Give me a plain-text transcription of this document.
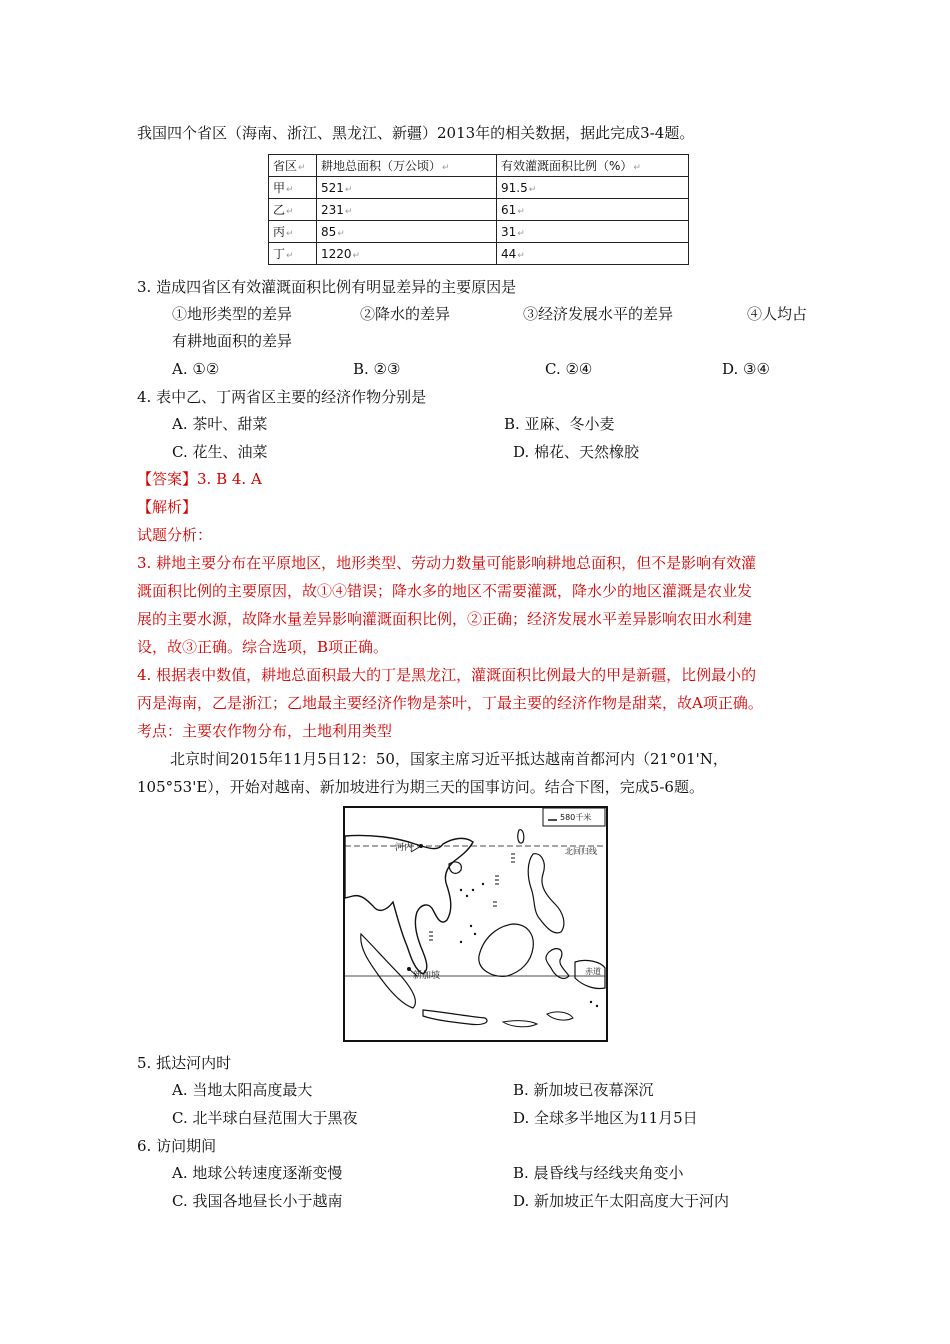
我国四个省区（海南、浙江、黑龙江、新疆）2013年的相关数据，据此完成3-4题。
省区↵	耕地总面积（万公顷）↵	有效灌溉面积比例（%）↵
甲↵	521↵	91.5↵
乙↵	231↵	61↵
丙↵	85↵	31↵
丁↵	1220↵	44↵
3. 造成四省区有效灌溉面积比例有明显差异的主要原因是
①地形类型的差异	②降水的差异	③经济发展水平的差异	④人均占
有耕地面积的差异
A. ①②	B. ②③	C. ②④	D. ③④
4. 表中乙、丁两省区主要的经济作物分别是
A. 茶叶、甜菜	B. 亚麻、冬小麦
C. 花生、油菜	D. 棉花、天然橡胶
【答案】3. B 4. A
【解析】
试题分析：
3. 耕地主要分布在平原地区，地形类型、劳动力数量可能影响耕地总面积，但不是影响有效灌
溉面积比例的主要原因，故①④错误；降水多的地区不需要灌溉，降水少的地区灌溉是农业发
展的主要水源，故降水量差异影响灌溉面积比例，②正确；经济发展水平差异影响农田水利建
设，故③正确。综合选项，B项正确。
4. 根据表中数值，耕地总面积最大的丁是黑龙江，灌溉面积比例最大的甲是新疆，比例最小的
丙是海南，乙是浙江；乙地最主要经济作物是茶叶，丁最主要的经济作物是甜菜，故A项正确。
考点：主要农作物分布，土地利用类型
北京时间2015年11月5日12：50，国家主席习近平抵达越南首都河内（21°01'N，
105°53'E），开始对越南、新加坡进行为期三天的国事访问。结合下图，完成5-6题。
580千米
北回归线
赤道
河内
新加坡
5. 抵达河内时
A. 当地太阳高度最大	B. 新加坡已夜幕深沉
C. 北半球白昼范围大于黑夜	D. 全球多半地区为11月5日
6. 访问期间
A. 地球公转速度逐渐变慢	B. 晨昏线与经线夹角变小
C. 我国各地昼长小于越南	D. 新加坡正午太阳高度大于河内
